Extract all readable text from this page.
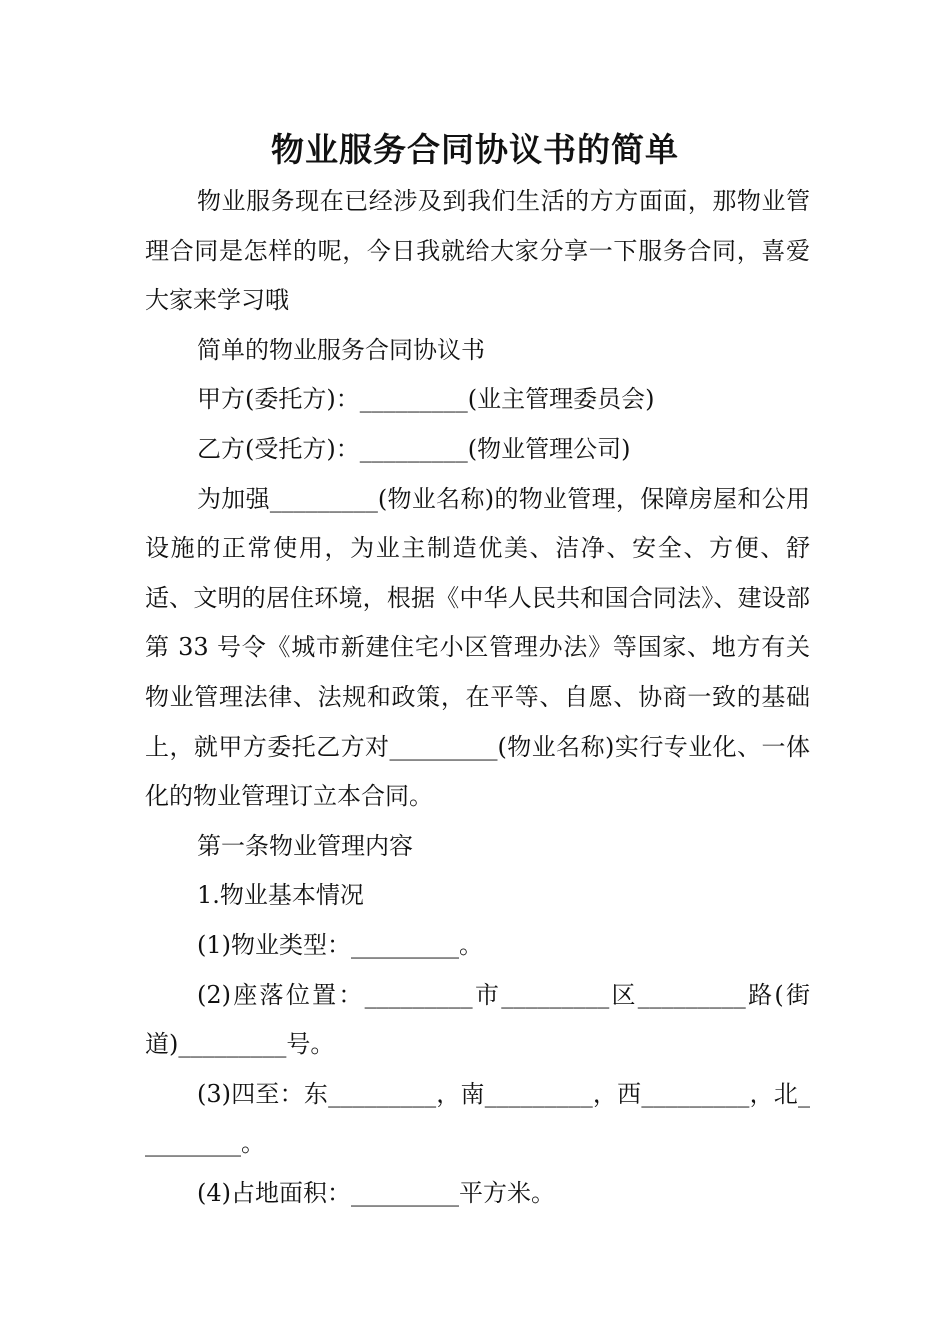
物业服务合同协议书的简单

物业服务现在已经涉及到我们生活的方方面面，那物业管理合同是怎样的呢，今日我就给大家分享一下服务合同，喜爱大家来学习哦

简单的物业服务合同协议书

甲方(委托方)：_________(业主管理委员会)

乙方(受托方)：_________(物业管理公司)

为加强_________(物业名称)的物业管理，保障房屋和公用设施的正常使用，为业主制造优美、洁净、安全、方便、舒适、文明的居住环境，根据《中华人民共和国合同法》、建设部第 33 号令《城市新建住宅小区管理办法》等国家、地方有关物业管理法律、法规和政策，在平等、自愿、协商一致的基础上，就甲方委托乙方对_________(物业名称)实行专业化、一体化的物业管理订立本合同。

第一条物业管理内容

1.物业基本情况

(1)物业类型：_________。

(2)座落位置：_________市_________区_________路(街道)_________号。

(3)四至：东_________，南_________，西_________，北_________。

(4)占地面积：_________平方米。
